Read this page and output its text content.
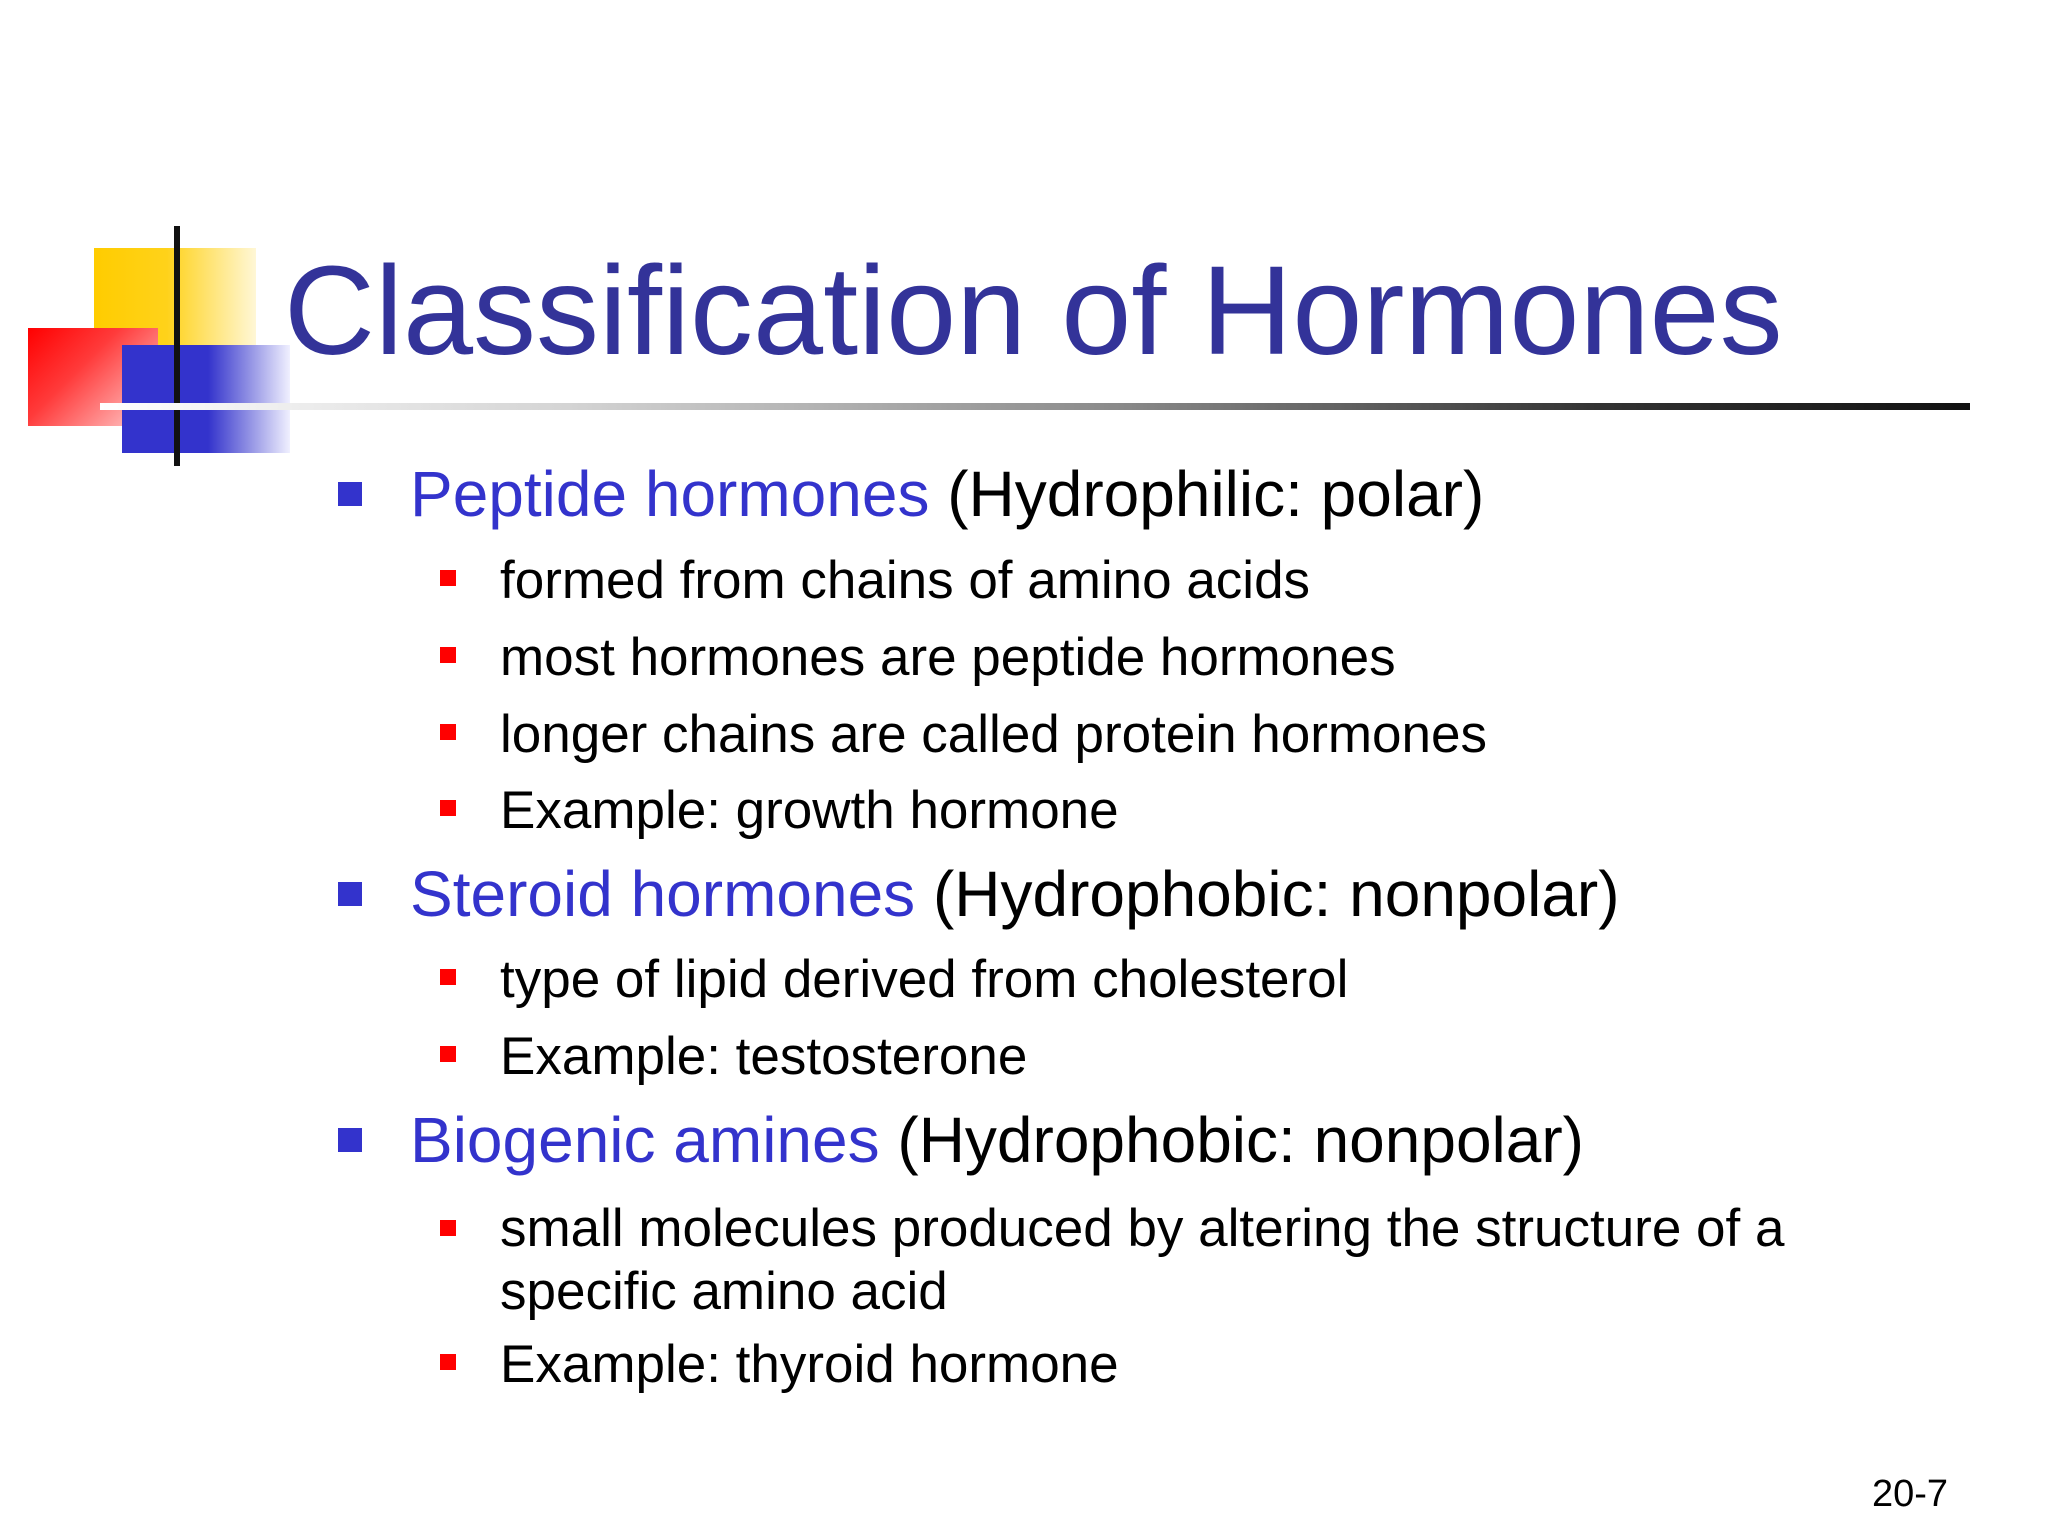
Classification of Hormones
Peptide hormones (Hydrophilic: polar)
formed from chains of amino acids
most hormones are peptide hormones
longer chains are called protein hormones
Example: growth hormone
Steroid hormones (Hydrophobic: nonpolar)
type of lipid derived from cholesterol
Example: testosterone
Biogenic amines (Hydrophobic: nonpolar)
small molecules produced by altering the structure of a
specific amino acid
Example: thyroid hormone
20-7
